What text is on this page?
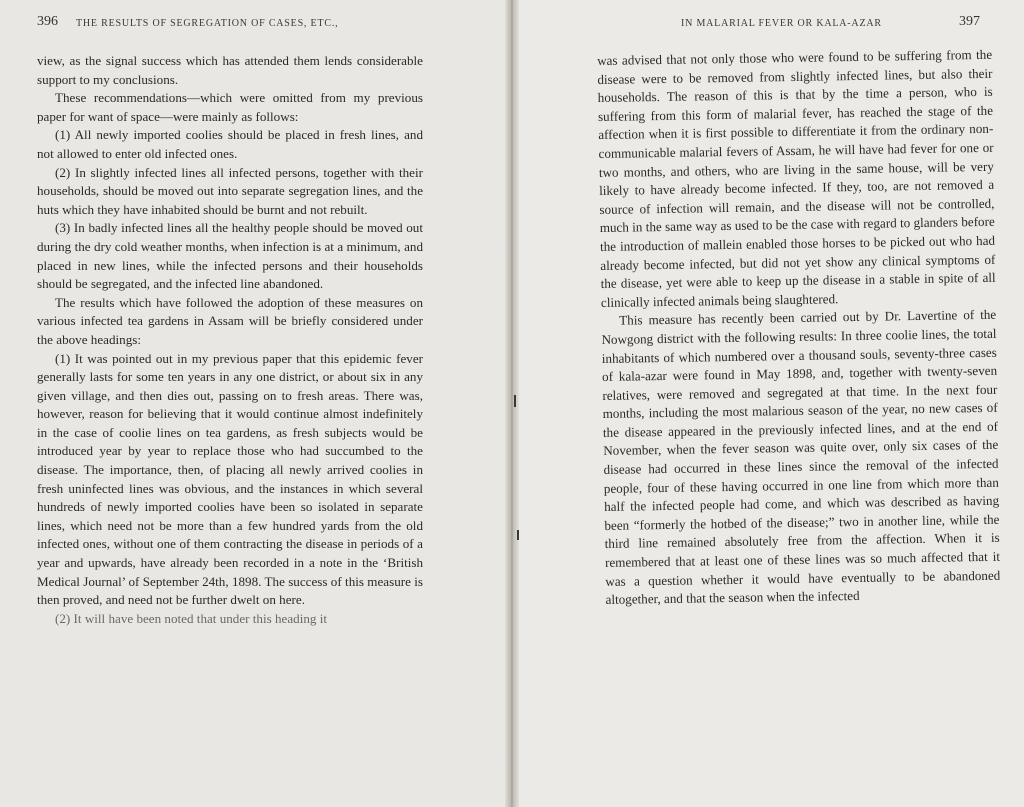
396 THE RESULTS OF SEGREGATION OF CASES, ETC.,

view, as the signal success which has attended them lends considerable support to my conclusions.

These recommendations—which were omitted from my previous paper for want of space—were mainly as follows:

(1) All newly imported coolies should be placed in fresh lines, and not allowed to enter old infected ones.

(2) In slightly infected lines all infected persons, together with their households, should be moved out into separate segregation lines, and the huts which they have inhabited should be burnt and not rebuilt.

(3) In badly infected lines all the healthy people should be moved out during the dry cold weather months, when infection is at a minimum, and placed in new lines, while the infected persons and their households should be segregated, and the infected line abandoned.

The results which have followed the adoption of these measures on various infected tea gardens in Assam will be briefly considered under the above headings:

(1) It was pointed out in my previous paper that this epidemic fever generally lasts for some ten years in any one district, or about six in any given village, and then dies out, passing on to fresh areas. There was, however, reason for believing that it would continue almost indefinitely in the case of coolie lines on tea gardens, as fresh subjects would be introduced year by year to replace those who had succumbed to the disease. The importance, then, of placing all newly arrived coolies in fresh uninfected lines was obvious, and the instances in which several hundreds of newly imported coolies have been so isolated in separate lines, which need not be more than a few hundred yards from the old infected ones, without one of them contracting the disease in periods of a year and upwards, have already been recorded in a note in the ‘British Medical Journal’ of September 24th, 1898. The success of this measure is then proved, and need not be further dwelt on here.

(2) It will have been noted that under this heading it

IN MALARIAL FEVER OR KALA-AZAR	397

was advised that not only those who were found to be suffering from the disease were to be removed from slightly infected lines, but also their households. The reason of this is that by the time a person, who is suffering from this form of malarial fever, has reached the stage of the affection when it is first possible to differentiate it from the ordinary non-communicable malarial fevers of Assam, he will have had fever for one or two months, and others, who are living in the same house, will be very likely to have already become infected. If they, too, are not removed a source of infection will remain, and the disease will not be controlled, much in the same way as used to be the case with regard to glanders before the introduction of mallein enabled those horses to be picked out who had already become infected, but did not yet show any clinical symptoms of the disease, yet were able to keep up the disease in a stable in spite of all clinically infected animals being slaughtered.

This measure has recently been carried out by Dr. Lavertine of the Nowgong district with the following results: In three coolie lines, the total inhabitants of which numbered over a thousand souls, seventy-three cases of kala-azar were found in May 1898, and, together with twenty-seven relatives, were removed and segregated at that time. In the next four months, including the most malarious season of the year, no new cases of the disease appeared in the previously infected lines, and at the end of November, when the fever season was quite over, only six cases of the disease had occurred in these lines since the removal of the infected people, four of these having occurred in one line from which more than half the infected people had come, and which was described as having been “formerly the hotbed of the disease;” two in another line, while the third line remained absolutely free from the affection. When it is remembered that at least one of these lines was so much affected that it was a question whether it would have eventually to be abandoned altogether, and that the season when the infected
